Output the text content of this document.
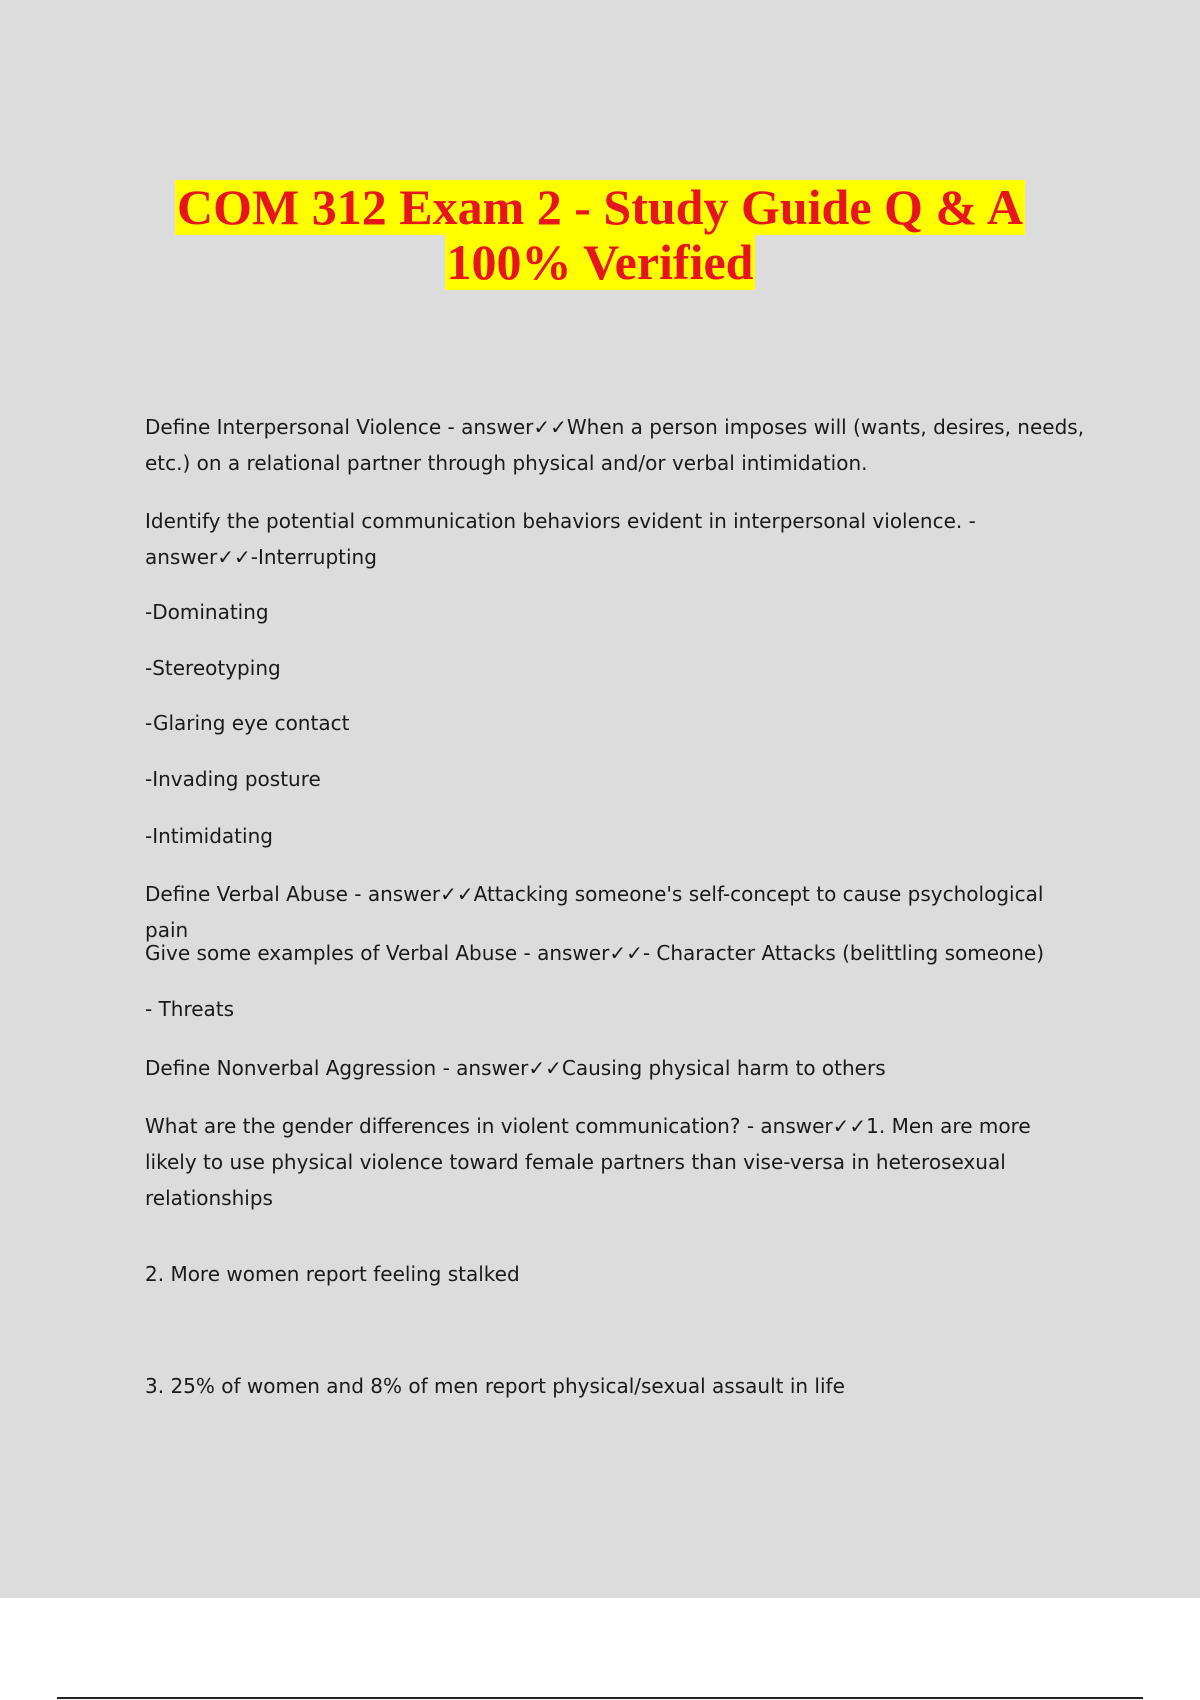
COM 312 Exam 2 - Study Guide Q & A
100% Verified

Define Interpersonal Violence - answer✓✓When a person imposes will (wants, desires, needs, etc.) on a relational partner through physical and/or verbal intimidation.

Identify the potential communication behaviors evident in interpersonal violence. - answer✓✓-Interrupting

-Dominating

-Stereotyping

-Glaring eye contact

-Invading posture

-Intimidating

Define Verbal Abuse - answer✓✓Attacking someone's self-concept to cause psychological pain

Give some examples of Verbal Abuse - answer✓✓- Character Attacks (belittling someone)

- Threats

Define Nonverbal Aggression - answer✓✓Causing physical harm to others

What are the gender differences in violent communication? - answer✓✓1. Men are more likely to use physical violence toward female partners than vise-versa in heterosexual relationships

2. More women report feeling stalked

3. 25% of women and 8% of men report physical/sexual assault in life
